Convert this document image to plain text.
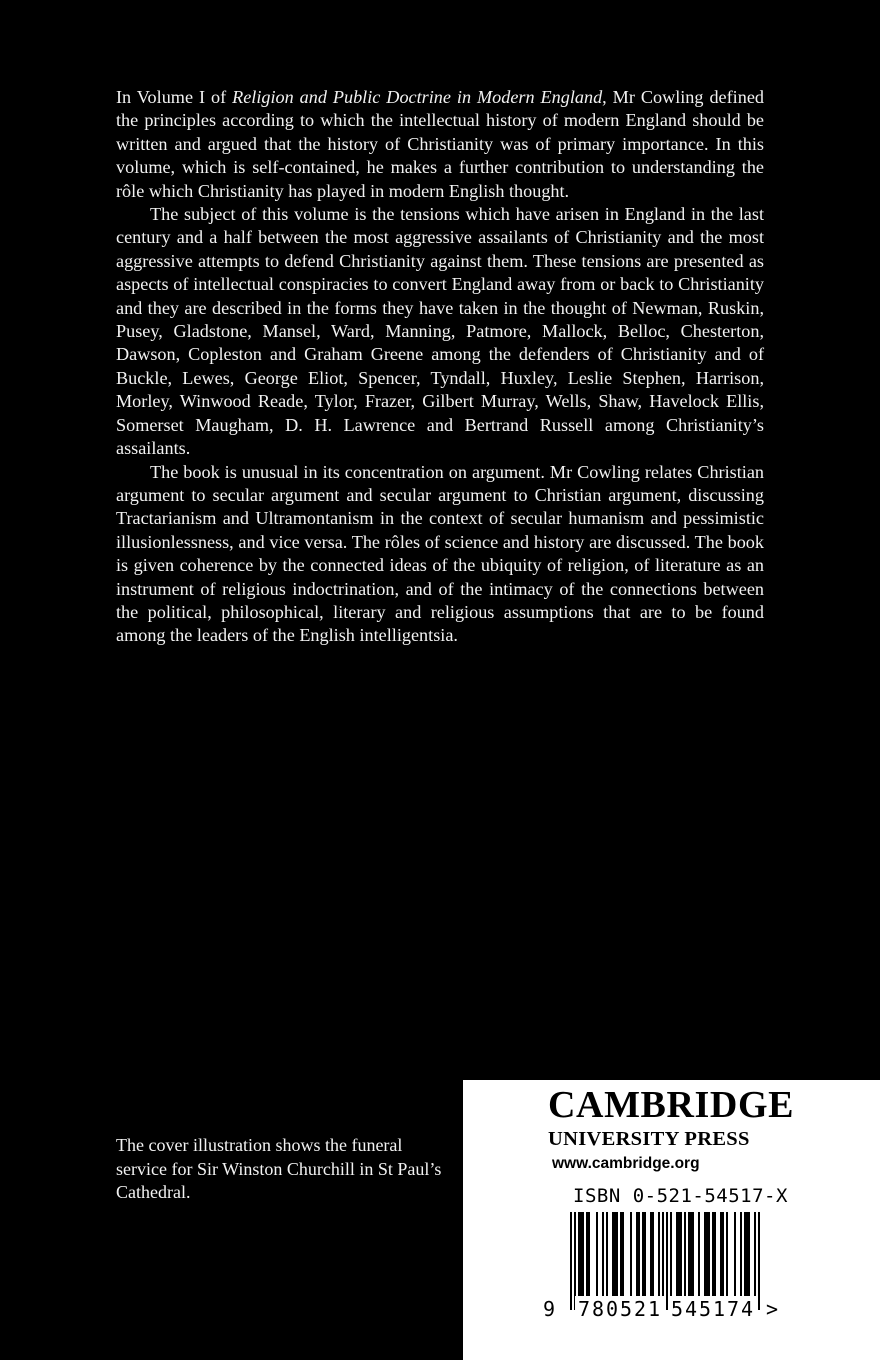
In Volume I of Religion and Public Doctrine in Modern England, Mr Cowling defined the principles according to which the intellectual history of modern England should be written and argued that the history of Christianity was of primary importance. In this volume, which is self-contained, he makes a further contribution to understanding the rôle which Christianity has played in modern English thought.

The subject of this volume is the tensions which have arisen in England in the last century and a half between the most aggressive assailants of Christianity and the most aggressive attempts to defend Christianity against them. These tensions are presented as aspects of intellectual conspiracies to convert England away from or back to Christianity and they are described in the forms they have taken in the thought of Newman, Ruskin, Pusey, Gladstone, Mansel, Ward, Manning, Patmore, Mallock, Belloc, Chesterton, Dawson, Copleston and Graham Greene among the defenders of Christianity and of Buckle, Lewes, George Eliot, Spencer, Tyndall, Huxley, Leslie Stephen, Harrison, Morley, Winwood Reade, Tylor, Frazer, Gilbert Murray, Wells, Shaw, Havelock Ellis, Somerset Maugham, D. H. Lawrence and Bertrand Russell among Christianity’s assailants.

The book is unusual in its concentration on argument. Mr Cowling relates Christian argument to secular argument and secular argument to Christian argument, discussing Tractarianism and Ultramontanism in the context of secular humanism and pessimistic illusionlessness, and vice versa. The rôles of science and history are discussed. The book is given coherence by the connected ideas of the ubiquity of religion, of literature as an instrument of religious indoctrination, and of the intimacy of the connections between the political, philosophical, literary and religious assumptions that are to be found among the leaders of the English intelligentsia.

The cover illustration shows the funeral service for Sir Winston Churchill in St Paul’s Cathedral.

CAMBRIDGE
UNIVERSITY PRESS
www.cambridge.org
ISBN 0-521-54517-X
9 780521 545174 >
